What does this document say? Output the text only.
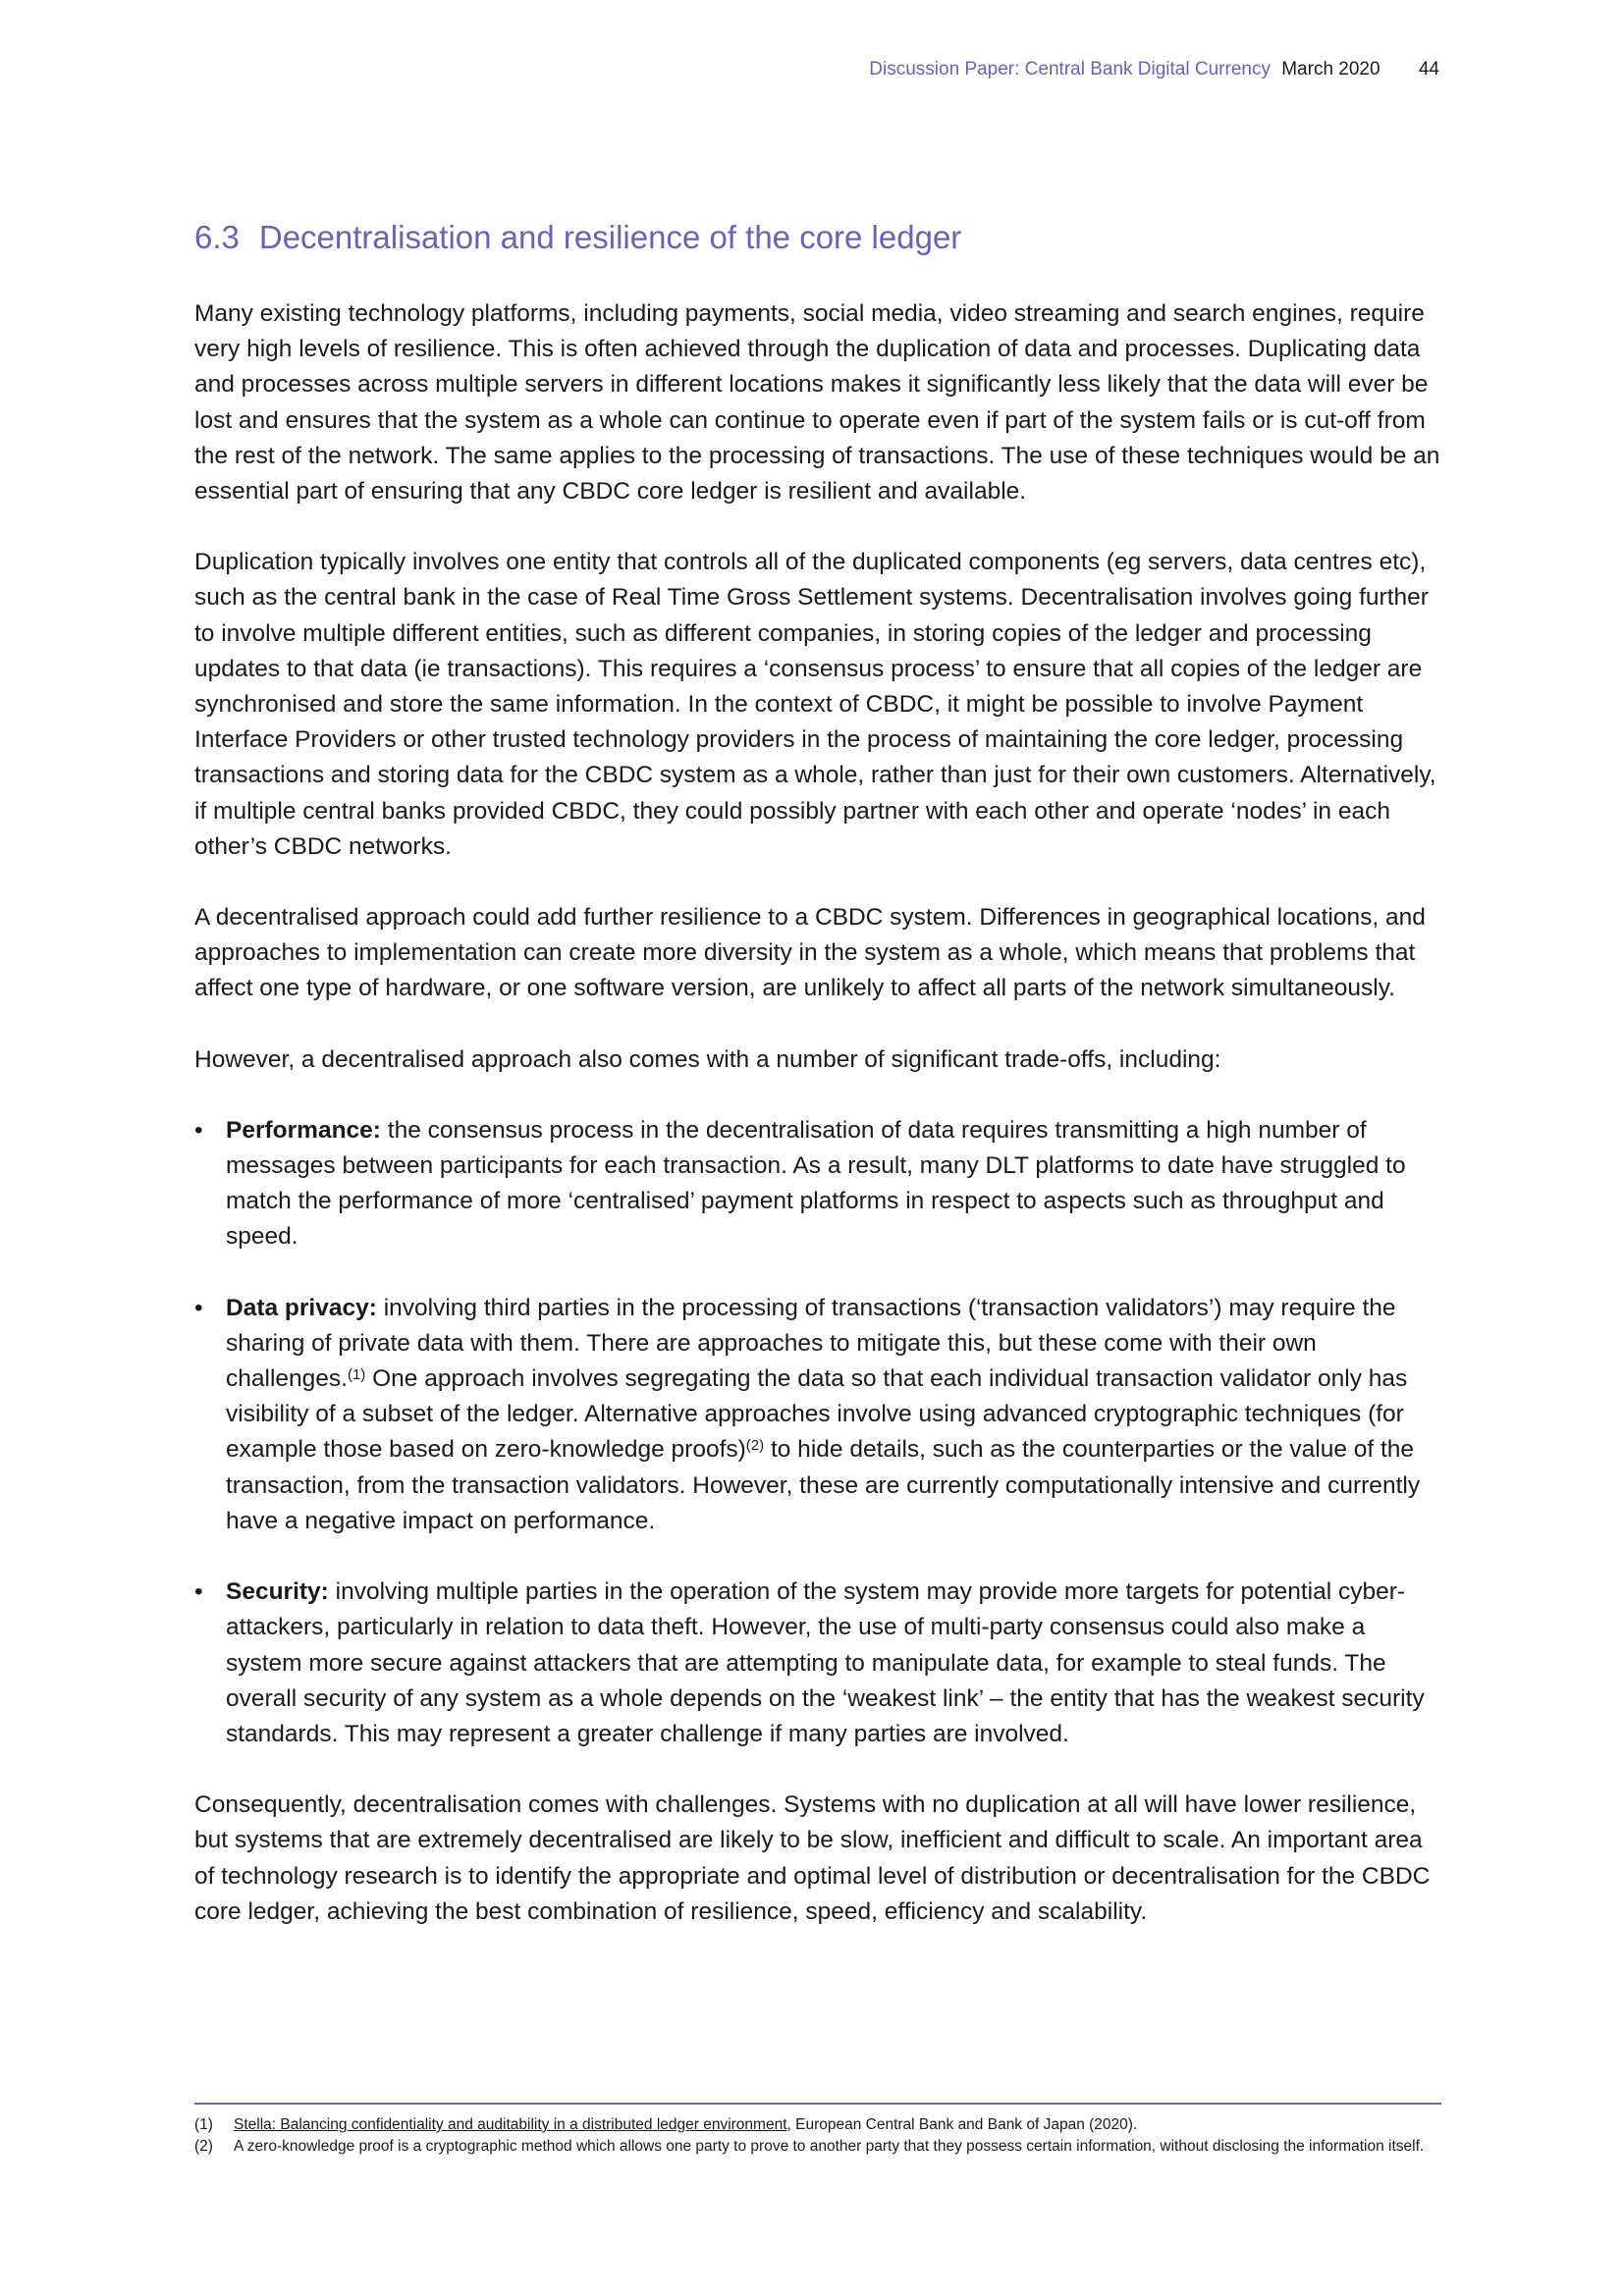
Discussion Paper: Central Bank Digital Currency March 2020 44
6.3 Decentralisation and resilience of the core ledger

Many existing technology platforms, including payments, social media, video streaming and search engines, require very high levels of resilience. This is often achieved through the duplication of data and processes. Duplicating data and processes across multiple servers in different locations makes it significantly less likely that the data will ever be lost and ensures that the system as a whole can continue to operate even if part of the system fails or is cut-off from the rest of the network. The same applies to the processing of transactions. The use of these techniques would be an essential part of ensuring that any CBDC core ledger is resilient and available.

Duplication typically involves one entity that controls all of the duplicated components (eg servers, data centres etc), such as the central bank in the case of Real Time Gross Settlement systems. Decentralisation involves going further to involve multiple different entities, such as different companies, in storing copies of the ledger and processing updates to that data (ie transactions). This requires a ‘consensus process’ to ensure that all copies of the ledger are synchronised and store the same information. In the context of CBDC, it might be possible to involve Payment Interface Providers or other trusted technology providers in the process of maintaining the core ledger, processing transactions and storing data for the CBDC system as a whole, rather than just for their own customers. Alternatively, if multiple central banks provided CBDC, they could possibly partner with each other and operate ‘nodes’ in each other’s CBDC networks.

A decentralised approach could add further resilience to a CBDC system. Differences in geographical locations, and approaches to implementation can create more diversity in the system as a whole, which means that problems that affect one type of hardware, or one software version, are unlikely to affect all parts of the network simultaneously.

However, a decentralised approach also comes with a number of significant trade-offs, including:

• Performance: the consensus process in the decentralisation of data requires transmitting a high number of messages between participants for each transaction. As a result, many DLT platforms to date have struggled to match the performance of more ‘centralised’ payment platforms in respect to aspects such as throughput and speed.
• Data privacy: involving third parties in the processing of transactions (‘transaction validators’) may require the sharing of private data with them. There are approaches to mitigate this, but these come with their own challenges.$^{(1)}$ One approach involves segregating the data so that each individual transaction validator only has visibility of a subset of the ledger. Alternative approaches involve using advanced cryptographic techniques (for example those based on zero-knowledge proofs)$^{(2)}$ to hide details, such as the counterparties or the value of the transaction, from the transaction validators. However, these are currently computationally intensive and currently have a negative impact on performance.
• Security: involving multiple parties in the operation of the system may provide more targets for potential cyber-attackers, particularly in relation to data theft. However, the use of multi-party consensus could also make a system more secure against attackers that are attempting to manipulate data, for example to steal funds. The overall security of any system as a whole depends on the ‘weakest link’ – the entity that has the weakest security standards. This may represent a greater challenge if many parties are involved.

Consequently, decentralisation comes with challenges. Systems with no duplication at all will have lower resilience, but systems that are extremely decentralised are likely to be slow, inefficient and difficult to scale. An important area of technology research is to identify the appropriate and optimal level of distribution or decentralisation for the CBDC core ledger, achieving the best combination of resilience, speed, efficiency and scalability.

(1)	Stella: Balancing confidentiality and auditability in a distributed ledger environment, European Central Bank and Bank of Japan (2020).
(2)	A zero-knowledge proof is a cryptographic method which allows one party to prove to another party that they possess certain information, without disclosing the information itself.
